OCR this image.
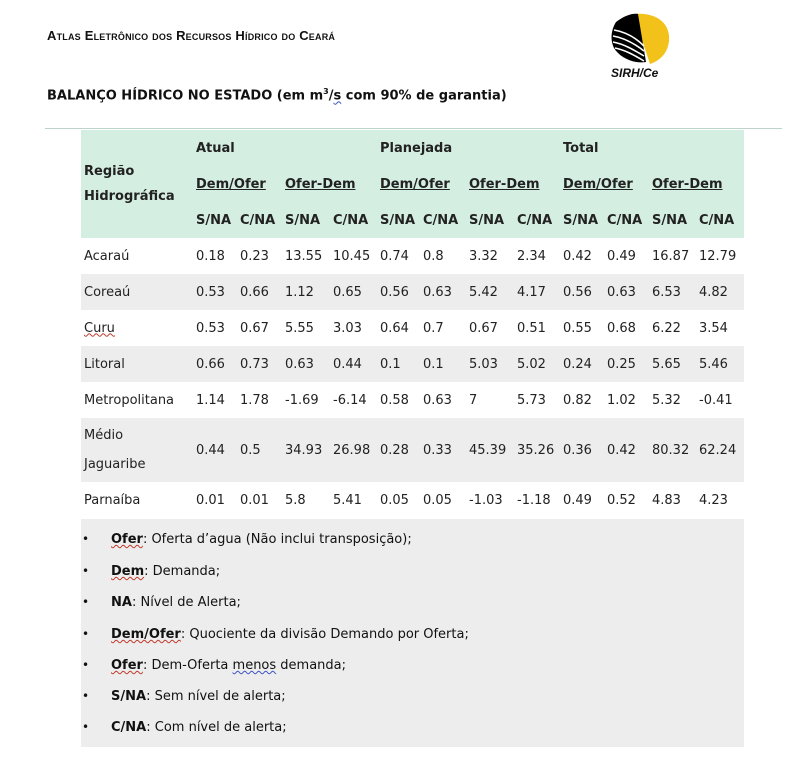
Atlas Eletrônico dos Recursos Hídrico do Ceará
SIRH/Ce
BALANÇO HÍDRICO NO ESTADO (em $m^3/s$ com 90% de garantia)
Região
Hidrográfica	Atual				Planejada				Total			
	Dem/Ofer		Ofer-Dem		Dem/Ofer		Ofer-Dem		Dem/Ofer		Ofer-Dem	
	S/NA	C/NA	S/NA	C/NA	S/NA	C/NA	S/NA	C/NA	S/NA	C/NA	S/NA	C/NA
Acaraú	0.18	0.23	13.55	10.45	0.74	0.8	3.32	2.34	0.42	0.49	16.87	12.79
Coreaú	0.53	0.66	1.12	0.65	0.56	0.63	5.42	4.17	0.56	0.63	6.53	4.82
Curu	0.53	0.67	5.55	3.03	0.64	0.7	0.67	0.51	0.55	0.68	6.22	3.54
Litoral	0.66	0.73	0.63	0.44	0.1	0.1	5.03	5.02	0.24	0.25	5.65	5.46
Metropolitana	1.14	1.78	-1.69	-6.14	0.58	0.63	7	5.73	0.82	1.02	5.32	-0.41
Médio
Jaguaribe	0.44	0.5	34.93	26.98	0.28	0.33	45.39	35.26	0.36	0.42	80.32	62.24
Parnaíba	0.01	0.01	5.8	5.41	0.05	0.05	-1.03	-1.18	0.49	0.52	4.83	4.23
• Ofer: Oferta d’agua (Não inclui transposição);
• Dem: Demanda;
• NA: Nível de Alerta;
• Dem/Ofer: Quociente da divisão Demando por Oferta;
• Ofer: Dem-Oferta menos demanda;
• S/NA: Sem nível de alerta;
• C/NA: Com nível de alerta;
